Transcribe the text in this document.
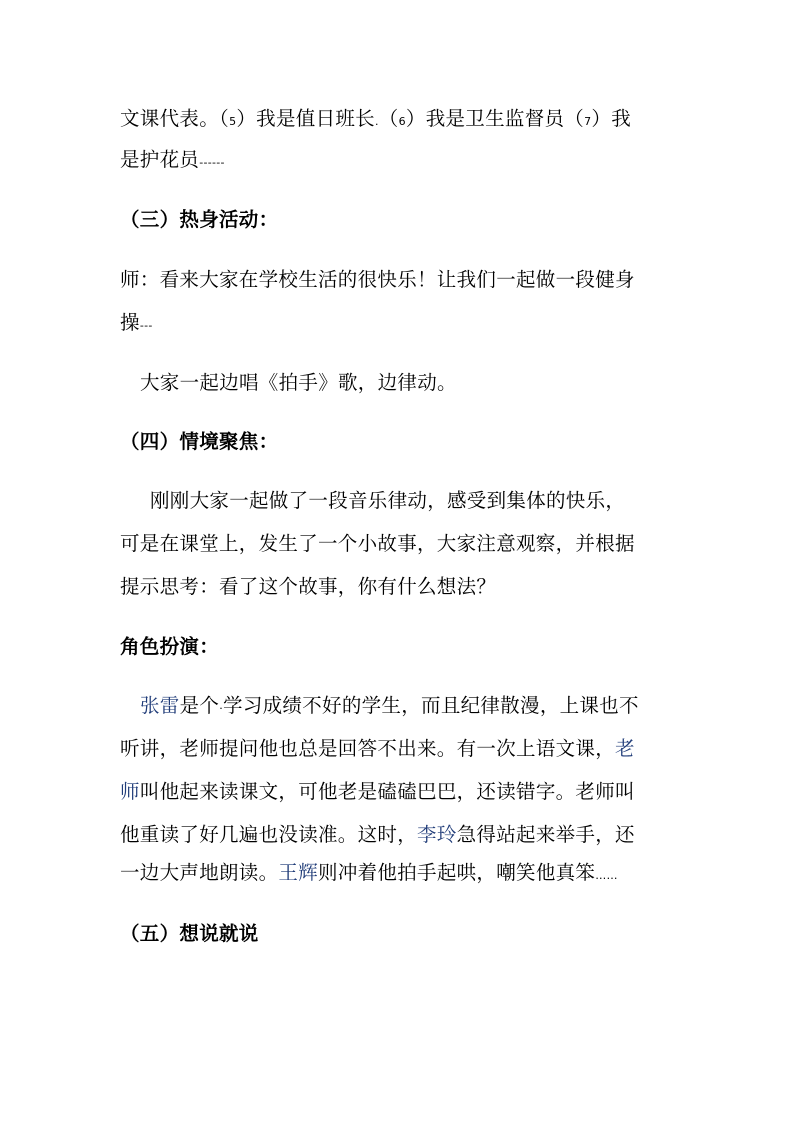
文课代表。（5）我是值日班长.（6）我是卫生监督员（7）我
是护花员------
（三）热身活动：
师：看来大家在学校生活的很快乐！让我们一起做一段健身
操---
大家一起边唱《拍手》歌，边律动。
（四）情境聚焦：
刚刚大家一起做了一段音乐律动，感受到集体的快乐，
可是在课堂上，发生了一个小故事，大家注意观察，并根据
提示思考：看了这个故事，你有什么想法？
角色扮演：
张雷是个·学习成绩不好的学生，而且纪律散漫，上课也不
听讲，老师提问他也总是回答不出来。有一次上语文课，老
师叫他起来读课文，可他老是磕磕巴巴，还读错字。老师叫
他重读了好几遍也没读准。这时，李玲急得站起来举手，还
一边大声地朗读。王辉则冲着他拍手起哄，嘲笑他真笨……
（五）想说就说
